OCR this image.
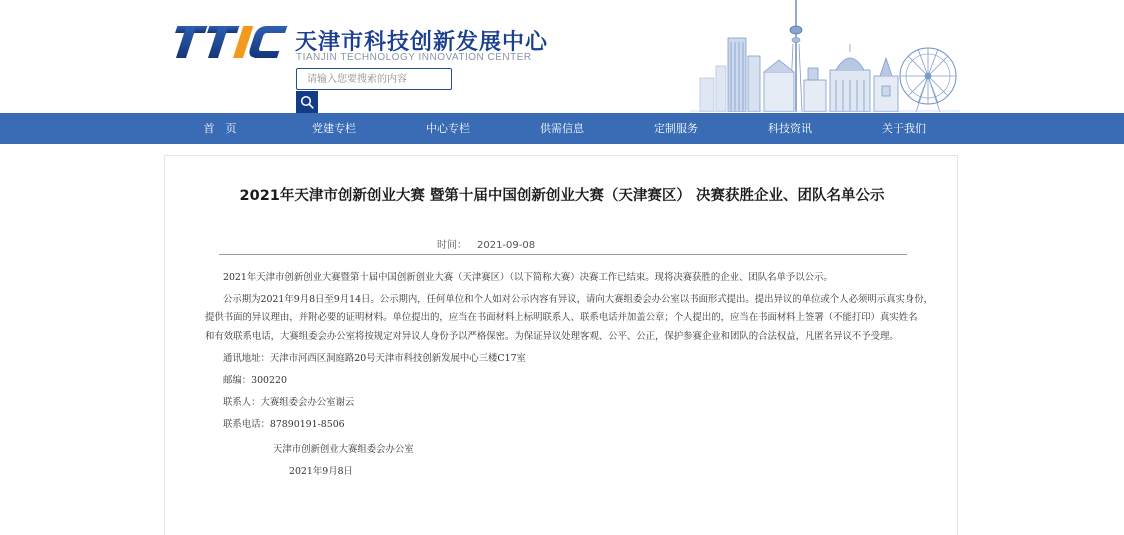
天津市科技创新发展中心
TIANJIN TECHNOLOGY INNOVATION CENTER
请输入您要搜索的内容
首　页	党建专栏	中心专栏	供需信息	定制服务	科技资讯	关于我们
2021年天津市创新创业大赛 暨第十届中国创新创业大赛（天津赛区） 决赛获胜企业、团队名单公示
时间： 2021-09-08

2021年天津市创新创业大赛暨第十届中国创新创业大赛（天津赛区）（以下简称大赛）决赛工作已结束。现将决赛获胜的企业、团队名单予以公示。

公示期为2021年9月8日至9月14日。公示期内，任何单位和个人如对公示内容有异议，请向大赛组委会办公室以书面形式提出。提出异议的单位或个人必须明示真实身份，

提供书面的异议理由，并附必要的证明材料。单位提出的，应当在书面材料上标明联系人、联系电话并加盖公章；个人提出的，应当在书面材料上签署（不能打印）真实姓名

和有效联系电话，大赛组委会办公室将按规定对异议人身份予以严格保密。为保证异议处理客观、公平、公正，保护参赛企业和团队的合法权益，凡匿名异议不予受理。

通讯地址：天津市河西区洞庭路20号天津市科技创新发展中心三楼C17室

邮编：300220

联系人：大赛组委会办公室谢云

联系电话：87890191-8506

天津市创新创业大赛组委会办公室

2021年9月8日
